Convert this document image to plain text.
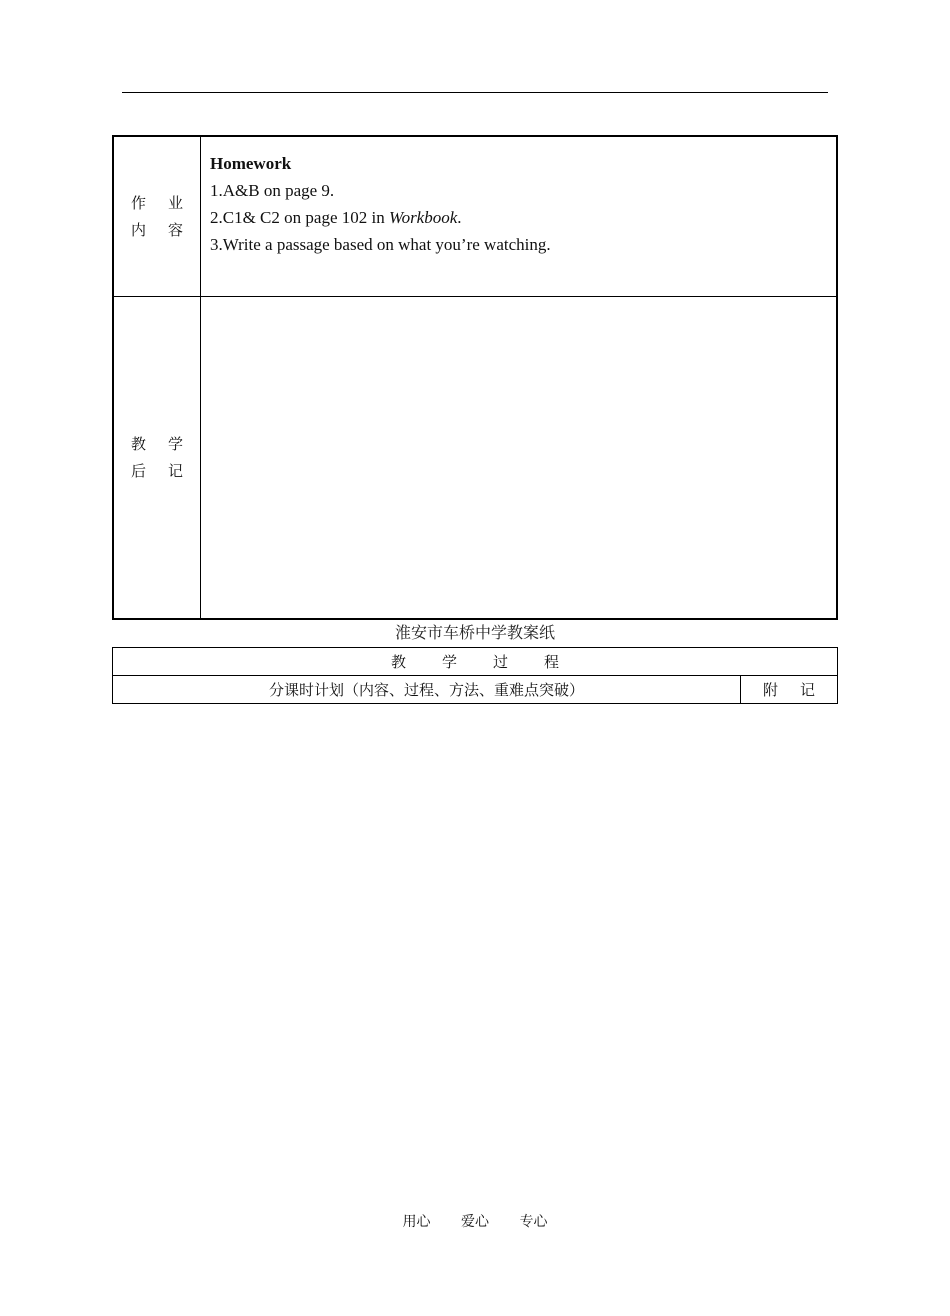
作 业
内 容
Homework
1.A&B on page 9.
2.C1& C2 on page 102 in Workbook.
3.Write a passage based on what you’re watching.
教 学
后 记
淮安市车桥中学教案纸
教 学 过 程
分课时计划（内容、过程、方法、重难点突破）	附 记
用心 爱心 专心
